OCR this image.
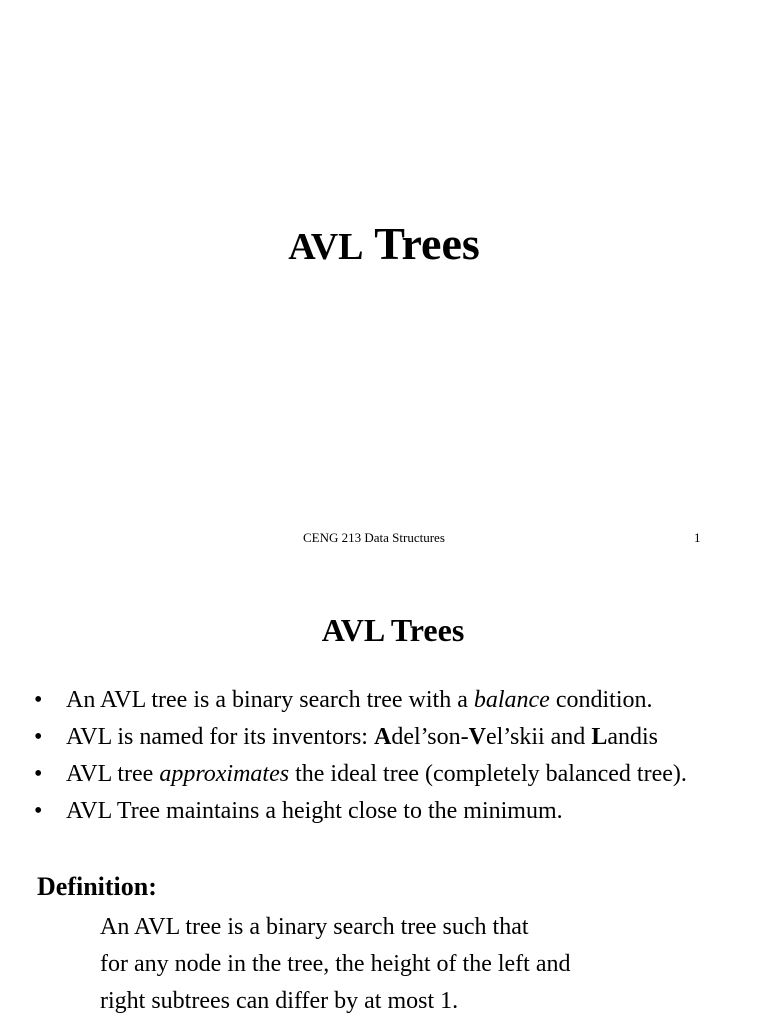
AVL Trees
CENG 213 Data Structures	1
AVL Trees
• An AVL tree is a binary search tree with a balance condition.
• AVL is named for its inventors: Adel’son-Vel’skii and Landis
• AVL tree approximates the ideal tree (completely balanced tree).
• AVL Tree maintains a height close to the minimum.
Definition:
An AVL tree is a binary search tree such that
for any node in the tree, the height of the left and
right subtrees can differ by at most 1.
